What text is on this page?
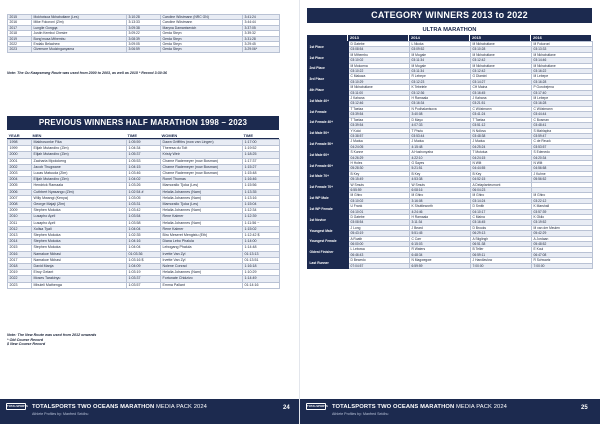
2015	Mokhotsoa Nkhabutlane (Les)	3:10:28	Caroline Wöstmann (NRC GN)	3:41:24
2016	Mike Fokoroni (Zim)	3:13:33	Caroline Wöstmann	3:44:44
2017	Lungile Gongqa	3:09:38	Maryna Damantsevich	3:37:05
2018	Justin Kemboi Chesire	3:09:22	Gerda Steyn	3:39:32
2019	Bong'musa Mthembu	3:08:39	Gerda Steyn	3:31:28
2022	Endalu Belachew	3:09:05	Gerda Steyn	3:29:45
2023	Givemore Mudzinganyama	3:06:59	Gerda Steyn	3:29:06*
Note: The Ou Kaapseweg Route was used from 2000 to 2003, as well as 2015 * Record 3:30:36
PREVIOUS WINNERS HALF MARATHON 1998 – 2023
YEAR	MEN	TIME	WOMEN	TIME
1998	Makhosonke Fika	1:05:59	Dawn Griffiths (now van Lingen)	1:17:00
1999	Elijah Mutandiro (Zim)	1:04:34	Theresa du Toit	1:19:52
2000	Elijah Mutandiro (Zim)	1:05:37	Kristy Weir	1:18:25
2001	Zacharia Mpolokeng	1:05:53	Charne Rademeyer (now Bosman)	1:17:37
2002	Jacob Thugwane	1:04:15	Charne Rademeyer (now Bosman)	1:15:27
2003	Lucas Matuuda (Zim)	1:03:46	Charne Rademeyer (now Bosman)	1:15:48
2004	Elijah Mutandiro (Zim)	1:04:02	Ronel Thomas	1:16:46
2005	Hendrick Ramaala	1:03:26	Mamorallo Tjoka (Les)	1:15:56
2006	Cuthbert Nyasango (Zim)	1:02:54 #	Helalia Johannes (Nam)	1:13:35
2007	Willy Mwangi (Kenya)	1:03:05	Helalia Johannes (Nam)	1:13:16
2008	George Majaji (Zim)	1:03:31	Mamorallo Tjoka (Les)	1:15:04
2009	Stephen Mokoka	1:03:42	Helalia Johannes (Nam)	1:12:34
2010	Lusapho April	1:03:54	Rene Kalmer	1:12:39
2011	Lusapho April	1:03:58	Helalia Johannes (Nam)	1:11:56 ~
2012	Xolisa Tyali	1:04:04	Rene Kalmer	1:15:02
2013	Stephen Mokoka	1:02:35	Biru Meseret Mengistu (Eth)	1:12:42 $
2014	Stephen Mokoka	1:04:16	Diana Lebo Phalula	1:14:00
2015	Stephen Mokoka	1:04:04	Lebogang Phalula	1:14:48
2016	Namakoe Nkhasi	01:03:36	Irvette Van Zyl	01:13:13
2017	Namakoe Nkhasi	1:03:16 $	Irvette Van Zyl	01:13:51
2018	David Manja	1:04:09	Nolene Conrad	1:16:18
2019	Elroy Gelant	1:03:19	Helalia Johannes (Nam)	1:10:29
2022	Moses Tarakinyu	1:03:37	Fortunate Chidzivo	1:14:49
2023	Mbuleli Mathenga	1:03:57	Emma Pallant	01:14:16
Note: The New Route was used from 2012 onwards
* Old Course Record
$ New Course Record
TOTALSPORTS TOTALSPORTS TWO OCEANS MARATHON MEDIA PACK 2024
Athlete Profiles by: Manfred Seidhu
24
CATEGORY WINNERS 2013 to 2022
ULTRA MARATHON
2013	2014	2015	2016
1st Place	D Gatebe	L Nkoka	M Nkhabutlane	M Fokoroni
	03:08:54	03:09:52	03:10:28	03:13:33
1st Place	M Mthembu	M Mogale	M Nkhabutlane	M Nkhabutlane
	03:10:02	03:11:34	03:12:42	03:14:46
2nd Place	M Mokoena	M Mogale	M Nkhabutlane	M Nkhabutlane
	03:10:22	03:11:34	03:12:42	03:16:22
3rd Place	C Makaza	R Lebepe	G Dlamini	M Lebepe
	03:10:29	03:12:23	03:14:27	03:16:28
4th Place	M Nkhabutlane	K Tebelele	CH Maina	P Gorobejena
	03:11:00	03:12:36	03:16:45	03:17:40
1st Male 40+	J Kahana	H Ramaala	J Kahana	M Lebepe
	03:12:46	03:16:34	03:21:51	03:16:28
1st Female	T Taelaa	N Podhalantsova	C Wöstmann	C Wöstmann
	03:39:54	3:40:08	03:41:24	03:44:44
1st Female 40+	T Taelaa	D Mayo	T Taelaa	C Bosman
	03:39:54	4:07:33	03:51:12	03:48:41
1st Male 50+	Y Koloi	T Phutu	N Ndlovu	S Mahlapha
	03:38:57	03:53:44	03:48:38	03:59:47
1st Female 50+	J Muduu	J Muduu	J Muduu	C de Reuck
	04:24:05	4:15:48	04:25:24	03:53:57
1st Male 60+	S Kunne	A Hushonyaha	T Mututua	S Edenedo
	04:26:29	4:22:10	04:24:15	04:20:34
1st Female 60+	H Holes	G Sayes	N Wilt	N Wilt
	05:28:30	5:21:51	04:44:55	04:56:58
1st Male 70+	B Key	B Key	B Key	J Kuhne
	05:15:49	4:53:38	04:52:15	05:56:52
1st Female 70+	W Smuts	W Smuts	A Delaplanteumont	
	6:55:59	6:08:16	06:04:23	
1st WP Male	M Ghiro	M Ghiro	M Ghiro	M Ghiro
	03:10:02	3:16:08	03:14:24	03:22:12
1st WP Female	U Frank	K Shuttleworth	D Smith	K Marshall
	04:10:01	4:24:46	04:10:17	03:57:39
1st Novice	D Gatebe	H Ramaala	C Maina	K Okilo
	03:08:54	3:11:34	03:16:45	03:19:52
Youngest Male	J Long	J Beard	D Brooks	M van der Meulen
	05:43:19	5:51:45	06:29:13	05:42:29
Youngest Female	A Ruath	C Carr	A Stiglingh	A Jordaan
	06:00:00	6:15:03	06:51:38	05:48:52
Oldest Finisher	L Lebowa	R Waters	B Teller	E Koui
	06:46:43	6:48:34	06:59:11	06:47:08
Last Runner	D Bewedo	N Magwegwe	J Handlavlow	R Schwartz
	07:04:57	6:59:59	7:00:00	7:00:00
TOTALSPORTS TOTALSPORTS TWO OCEANS MARATHON MEDIA PACK 2024
Athlete Profiles by: Manfred Seidhu
25
